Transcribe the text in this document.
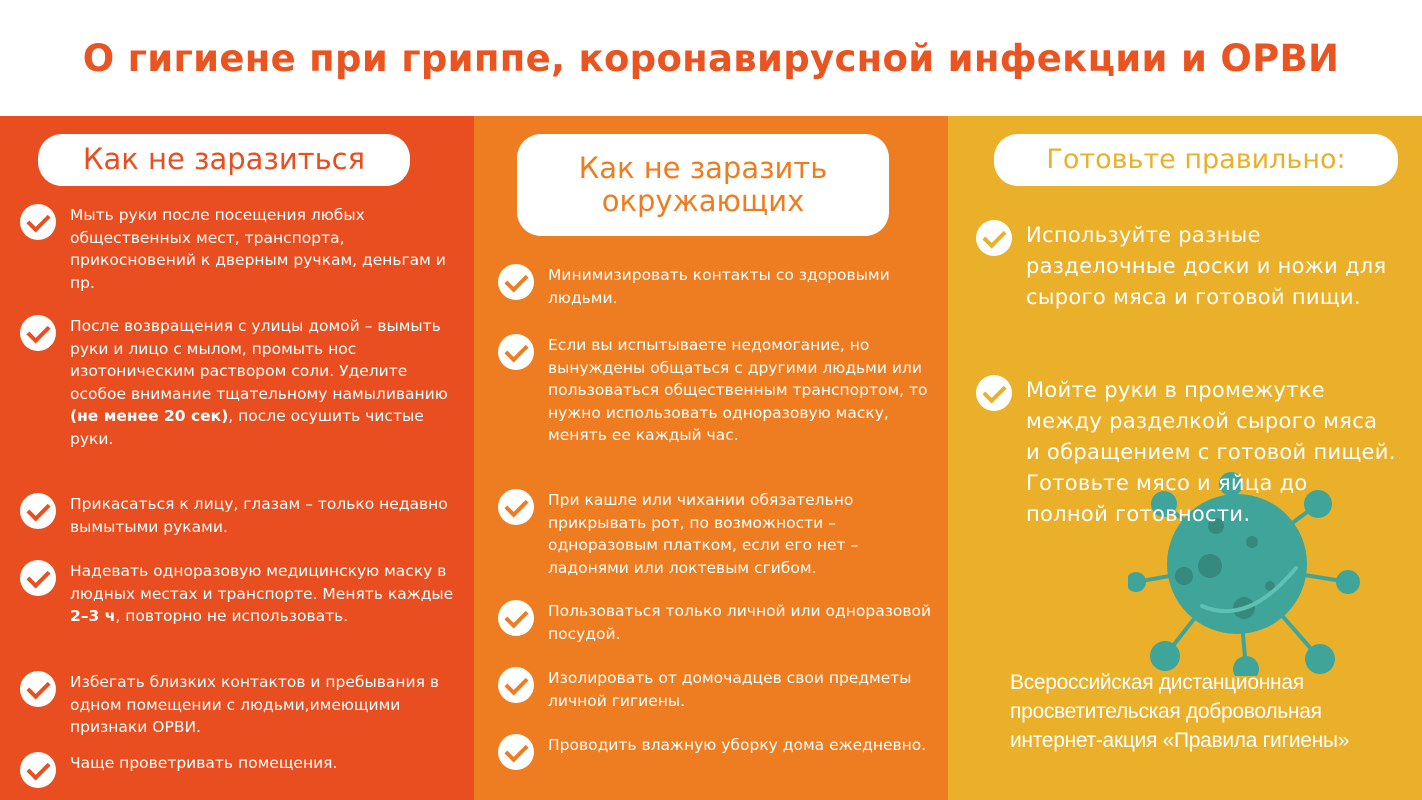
О гигиене при гриппе, коронавирусной инфекции и ОРВИ
Как не заразиться
Мыть руки после посещения любых общественных мест, транспорта, прикосновений к дверным ручкам, деньгам и пр.
После возвращения с улицы домой – вымыть руки и лицо с мылом, промыть нос изотоническим раствором соли. Уделите особое внимание тщательному намыливанию (не менее 20 сек), после осушить чистые руки.
Прикасаться к лицу, глазам – только недавно вымытыми руками.
Надевать одноразовую медицинскую маску в людных местах и транспорте. Менять каждые 2–3 ч, повторно не использовать.
Избегать близких контактов и пребывания в одном помещении с людьми,имеющими признаки ОРВИ.
Чаще проветривать помещения.
Как не заразить
окружающих
Минимизировать контакты со здоровыми людьми.
Если вы испытываете недомогание, но вынуждены общаться с другими людьми или пользоваться общественным транспортом, то нужно использовать одноразовую маску, менять ее каждый час.
При кашле или чихании обязательно прикрывать рот, по возможности – одноразовым платком, если его нет – ладонями или локтевым сгибом.
Пользоваться только личной или одноразовой посудой.
Изолировать от домочадцев свои предметы личной гигиены.
Проводить влажную уборку дома ежедневно.
Готовьте правильно:
Используйте разные разделочные доски и ножи для сырого мяса и готовой пищи.
Мойте руки в промежутке между разделкой сырого мяса и обращением с готовой пищей. Готовьте мясо и яйца до полной готовности.
Всероссийская дистанционная просветительская добровольная интернет-акция «Правила гигиены»
